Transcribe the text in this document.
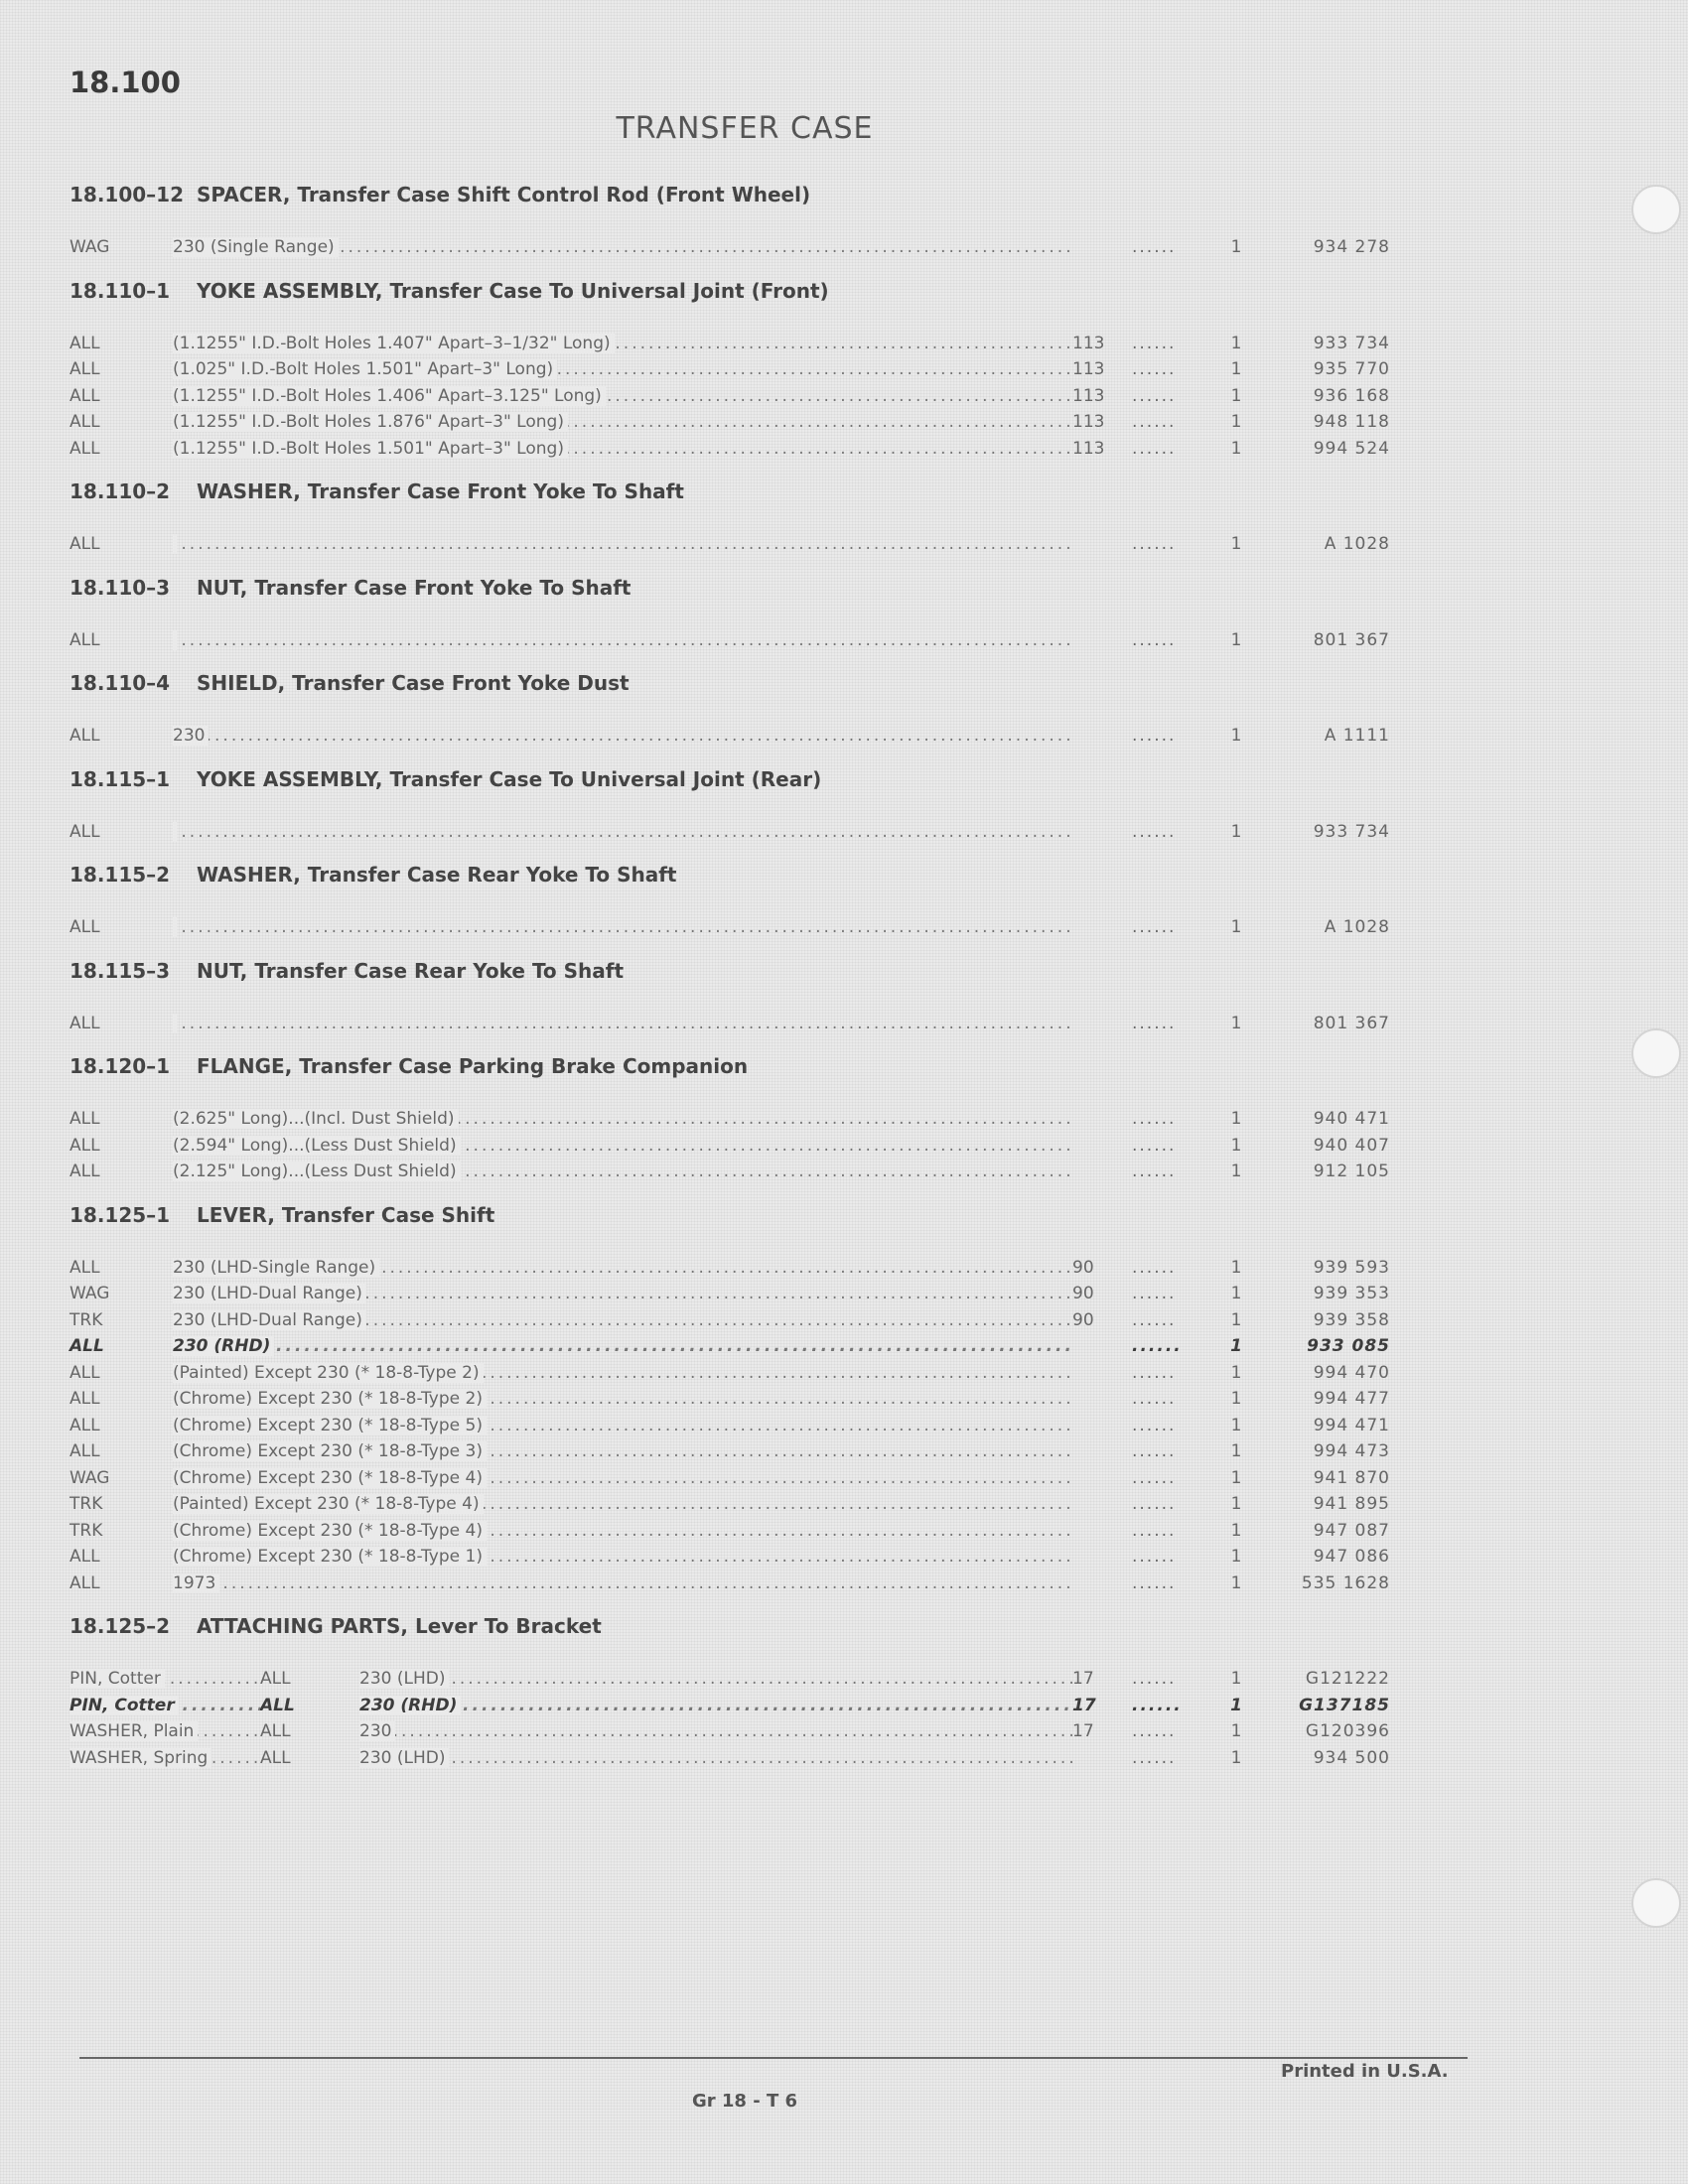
18.100
TRANSFER CASE
18.100–12 SPACER, Transfer Case Shift Control Rod (Front Wheel)
WAG	230 (Single Range) .....	......	1	934 278
18.110–1 YOKE ASSEMBLY, Transfer Case To Universal Joint (Front)
ALL	(1.1255" I.D.-Bolt Holes 1.407" Apart–3–1/32" Long) .....	113	......	1	933 734
ALL	(1.025" I.D.-Bolt Holes 1.501" Apart–3" Long) .....	113	......	1	935 770
ALL	(1.1255" I.D.-Bolt Holes 1.406" Apart–3.125" Long) .....	113	......	1	936 168
ALL	(1.1255" I.D.-Bolt Holes 1.876" Apart–3" Long) .....	113	......	1	948 118
ALL	(1.1255" I.D.-Bolt Holes 1.501" Apart–3" Long) .....	113	......	1	994 524
18.110–2 WASHER, Transfer Case Front Yoke To Shaft
ALL .....	......	1	A 1028
18.110–3 NUT, Transfer Case Front Yoke To Shaft
ALL .....	......	1	801 367
18.110–4 SHIELD, Transfer Case Front Yoke Dust
ALL	230 .....	......	1	A 1111
18.115–1 YOKE ASSEMBLY, Transfer Case To Universal Joint (Rear)
ALL .....	......	1	933 734
18.115–2 WASHER, Transfer Case Rear Yoke To Shaft
ALL .....	......	1	A 1028
18.115–3 NUT, Transfer Case Rear Yoke To Shaft
ALL .....	......	1	801 367
18.120–1 FLANGE, Transfer Case Parking Brake Companion
ALL	(2.625" Long)...(Incl. Dust Shield) .....	......	1	940 471
ALL	(2.594" Long)...(Less Dust Shield) .....	......	1	940 407
ALL	(2.125" Long)...(Less Dust Shield) .....	......	1	912 105
18.125–1 LEVER, Transfer Case Shift
ALL	230 (LHD-Single Range) .....	90	......	1	939 593
WAG	230 (LHD-Dual Range) .....	90	......	1	939 353
TRK	230 (LHD-Dual Range) .....	90	......	1	939 358
ALL	230 (RHD) .....	......	1	933 085
ALL	(Painted) Except 230 (* 18-8-Type 2) .....	......	1	994 470
ALL	(Chrome) Except 230 (* 18-8-Type 2) .....	......	1	994 477
ALL	(Chrome) Except 230 (* 18-8-Type 5) .....	......	1	994 471
ALL	(Chrome) Except 230 (* 18-8-Type 3) .....	......	1	994 473
WAG	(Chrome) Except 230 (* 18-8-Type 4) .....	......	1	941 870
TRK	(Painted) Except 230 (* 18-8-Type 4) .....	......	1	941 895
TRK	(Chrome) Except 230 (* 18-8-Type 4) .....	......	1	947 087
ALL	(Chrome) Except 230 (* 18-8-Type 1) .....	......	1	947 086
ALL	1973 .....	......	1	535 1628
18.125–2 ATTACHING PARTS, Lever To Bracket
PIN, Cotter .....	ALL	230 (LHD) .....	17	......	1	G121222
PIN, Cotter .....	ALL	230 (RHD) .....	17	......	1	G137185
WASHER, Plain .....	ALL	230 .....	17	......	1	G120396
WASHER, Spring .....	ALL	230 (LHD) .....	......	1	934 500
Printed in U.S.A.
Gr 18 - T 6
